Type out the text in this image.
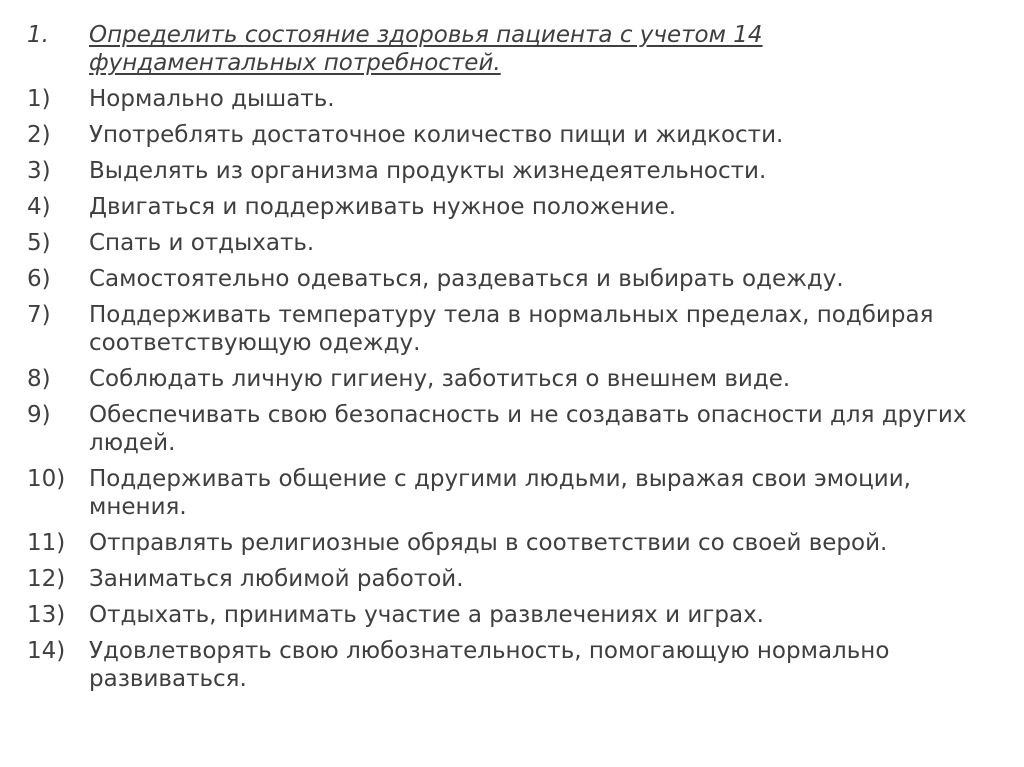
1.	Определить состояние здоровья пациента с учетом 14 фундаментальных потребностей.
1)	Нормально дышать.
2)	Употреблять достаточное количество пищи и жидкости.
3)	Выделять из организма продукты жизнедеятельности.
4)	Двигаться и поддерживать нужное положение.
5)	Спать и отдыхать.
6)	Самостоятельно одеваться, раздеваться и выбирать одежду.
7)	Поддерживать температуру тела в нормальных пределах, подбирая соответствующую одежду.
8)	Соблюдать личную гигиену, заботиться о внешнем виде.
9)	Обеспечивать свою безопасность и не создавать опасности для других людей.
10)	Поддерживать общение с другими людьми, выражая свои эмоции, мнения.
11)	Отправлять религиозные обряды в соответствии со своей верой.
12)	Заниматься любимой работой.
13)	Отдыхать, принимать участие а развлечениях и играх.
14)	Удовлетворять свою любознательность, помогающую нормально развиваться.
